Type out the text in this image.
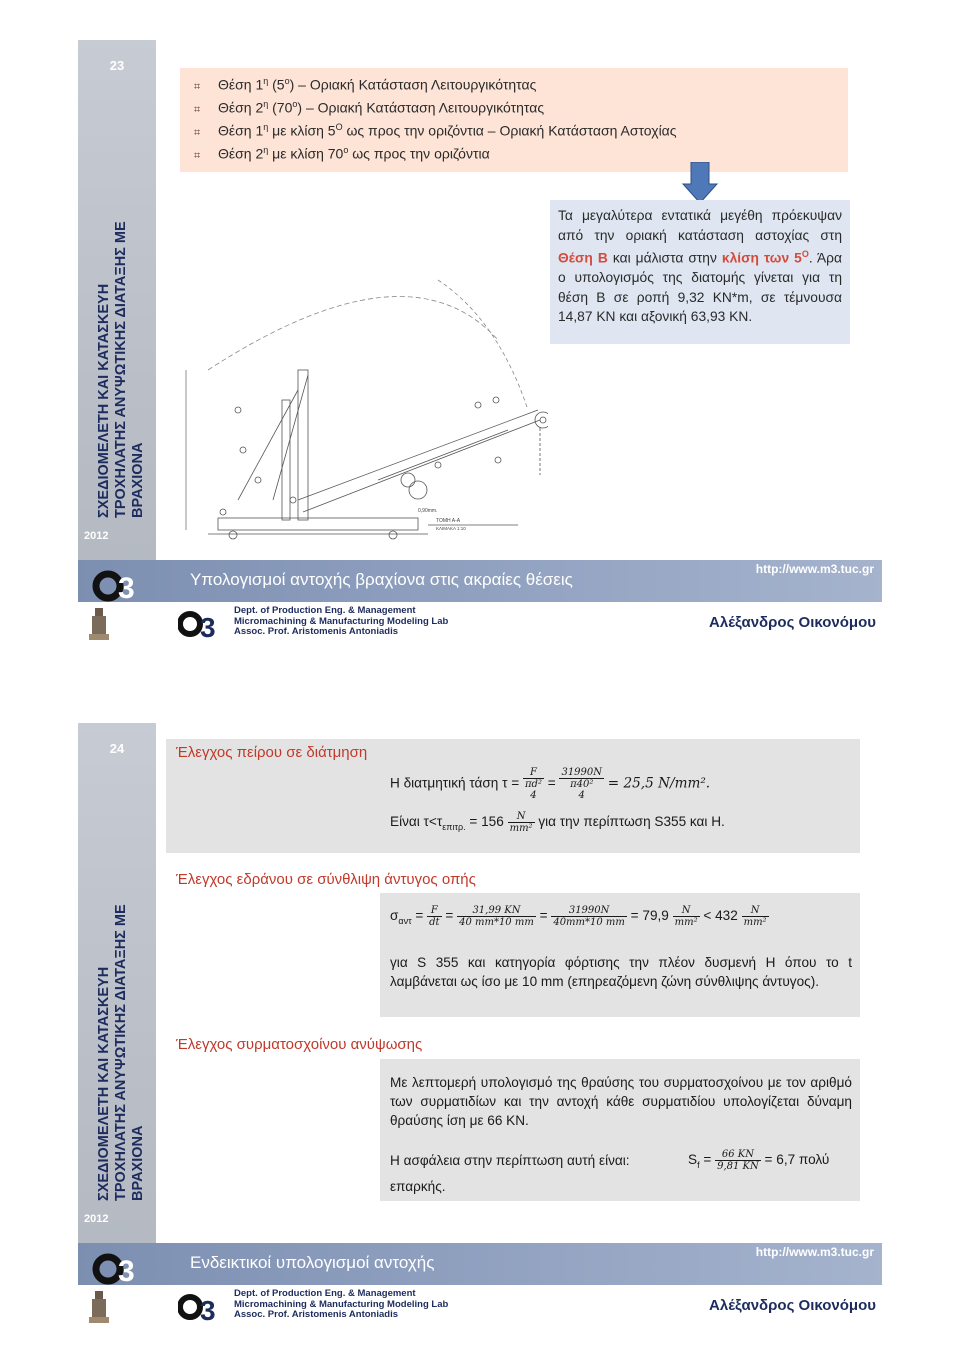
23
ΣΧΕΔΙΟΜΕΛΕΤΗ ΚΑΙ ΚΑΤΑΣΚΕΥΗ ΤΡΟΧΗΛΑΤΗΣ ΑΝΥΨΩΤΙΚΗΣ ΔΙΑΤΑΞΗΣ ΜΕ ΒΡΑΧΙΟΝΑ
2012
⌗ Θέση $1^\eta$ $(5^o)$ – Οριακή Κατάσταση Λειτουργικότητας
⌗ Θέση $2^\eta$ $(70^o)$ – Οριακή Κατάσταση Λειτουργικότητας
⌗ Θέση $1^\eta$ με κλίση $5^O$ ως προς την οριζόντια – Οριακή Κατάσταση Αστοχίας
⌗ Θέση $2^\eta$ με κλίση $70^o$ ως προς την οριζόντια

Τα μεγαλύτερα εντατικά μεγέθη πρόεκυψαν από την οριακή κατάσταση αστοχίας στη Θέση Β και μάλιστα στην κλίση των $5^O$. Άρα ο υπολογισμός της διατομής γίνεται για τη θέση Β σε ροπή 9,32 KN*m, σε τέμνουσα 14,87 KN και αξονική 63,93 KN.

TOMH A-A
ΚΛΙΜΑΚΑ 1:10
0,90mm.
3	Υπολογισμοί αντοχής βραχίονα στις ακραίες θέσεις
http://www.m3.tuc.gr
3
Dept. of Production Eng. & Management
Micromachining & Manufacturing Modeling Lab
Assoc. Prof. Aristomenis Antoniadis
Αλέξανδρος Οικονόμου
24
ΣΧΕΔΙΟΜΕΛΕΤΗ ΚΑΙ ΚΑΤΑΣΚΕΥΗ ΤΡΟΧΗΛΑΤΗΣ ΑΝΥΨΩΤΙΚΗΣ ΔΙΑΤΑΞΗΣ ΜΕ ΒΡΑΧΙΟΝΑ
2012
Έλεγχος πείρου σε διάτμηση
Η διατμητική τάση τ =
F
πd²
4
=
31990N
π40²
4
= 25,5 N/mm².
Είναι $\tau<\tau_{\varepsilon\pi\iota\tau\rho.} = 156 \frac{N}{\text{mm²}}$ για την περίπτωση S355 και Η.
Έλεγχος εδράνου σε σύνθλιψη άντυγος οπής
$\sigma_{\alpha\nu\tau} = \frac{F}{dt} = \frac{31,99 KN}{40 mm*10 mm} = \frac{31990N}{40mm*10 mm} = 79,9 \frac{N}{\text{mm²}} < 432 \frac{N}{\text{mm²}}$
για S 355 και κατηγορία φόρτισης την πλέον δυσμενή Η όπου το t λαμβάνεται ως ίσο με 10 mm (επηρεαζόμενη ζώνη σύνθλιψης άντυγος).
Έλεγχος συρματοσχοίνου ανύψωσης
Με λεπτομερή υπολογισμό της θραύσης του συρματοσχοίνου με τον αριθμό των συρματιδίων και την αντοχή κάθε συρματιδίου υπολογίζεται δύναμη θραύσης ίση με 66 KN.
Η ασφάλεια στην περίπτωση αυτή είναι:
επαρκής.
$S_f = \frac{66 KN}{9,81 KN} = 6,7$ πολύ
3	Ενδεικτικοί υπολογισμοί αντοχής
http://www.m3.tuc.gr
3
Dept. of Production Eng. & Management
Micromachining & Manufacturing Modeling Lab
Assoc. Prof. Aristomenis Antoniadis
Αλέξανδρος Οικονόμου
